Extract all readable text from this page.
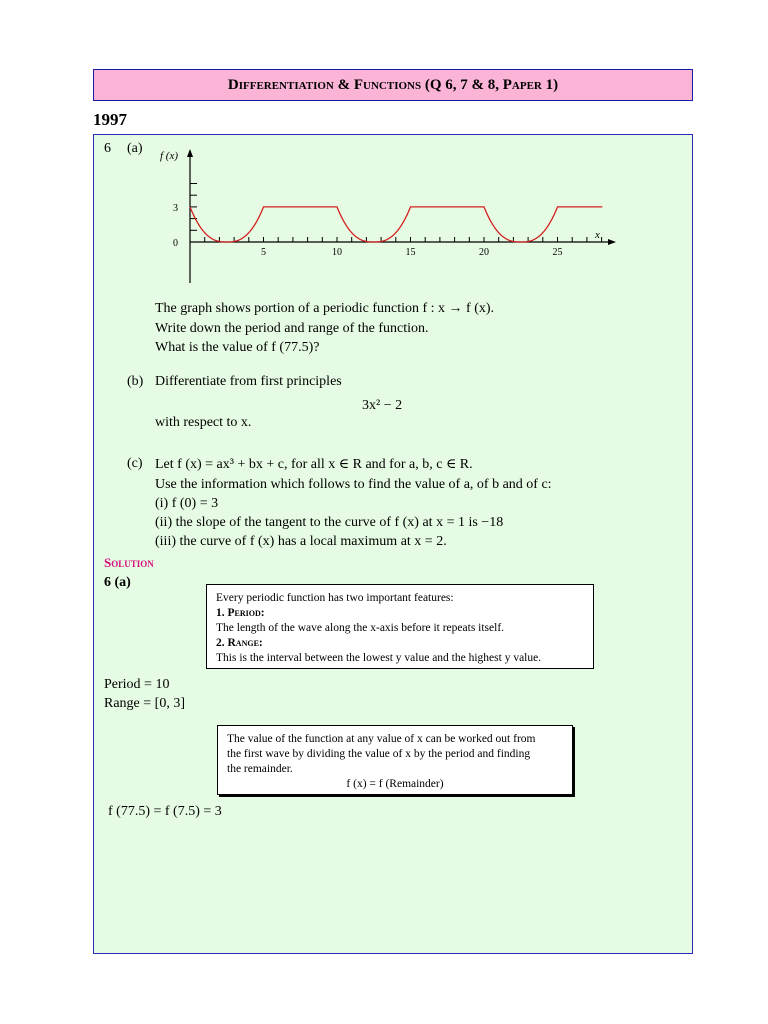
Differentiation & Functions (Q 6, 7 & 8, Paper 1)
1997
6 (a) f (x)
x
3
0
5	10	15	20	25
The graph shows portion of a periodic function f : x → f (x).
Write down the period and range of the function.
What is the value of f (77.5)?
(b) Differentiate from first principles
3x² − 2
with respect to x.
(c) Let f (x) = ax³ + bx + c, for all x ∈ R and for a, b, c ∈ R.
Use the information which follows to find the value of a, of b and of c:
(i) f (0) = 3
(ii) the slope of the tangent to the curve of f (x) at x = 1 is −18
(iii) the curve of f (x) has a local maximum at x = 2.
Solution
6 (a)
Every periodic function has two important features:
1. Period:
The length of the wave along the x-axis before it repeats itself.
2. Range:
This is the interval between the lowest y value and the highest y value.
Period = 10
Range = [0, 3]
The value of the function at any value of x can be worked out from
the first wave by dividing the value of x by the period and finding
the remainder.
f (x) = f (Remainder)
f (77.5) = f (7.5) = 3
